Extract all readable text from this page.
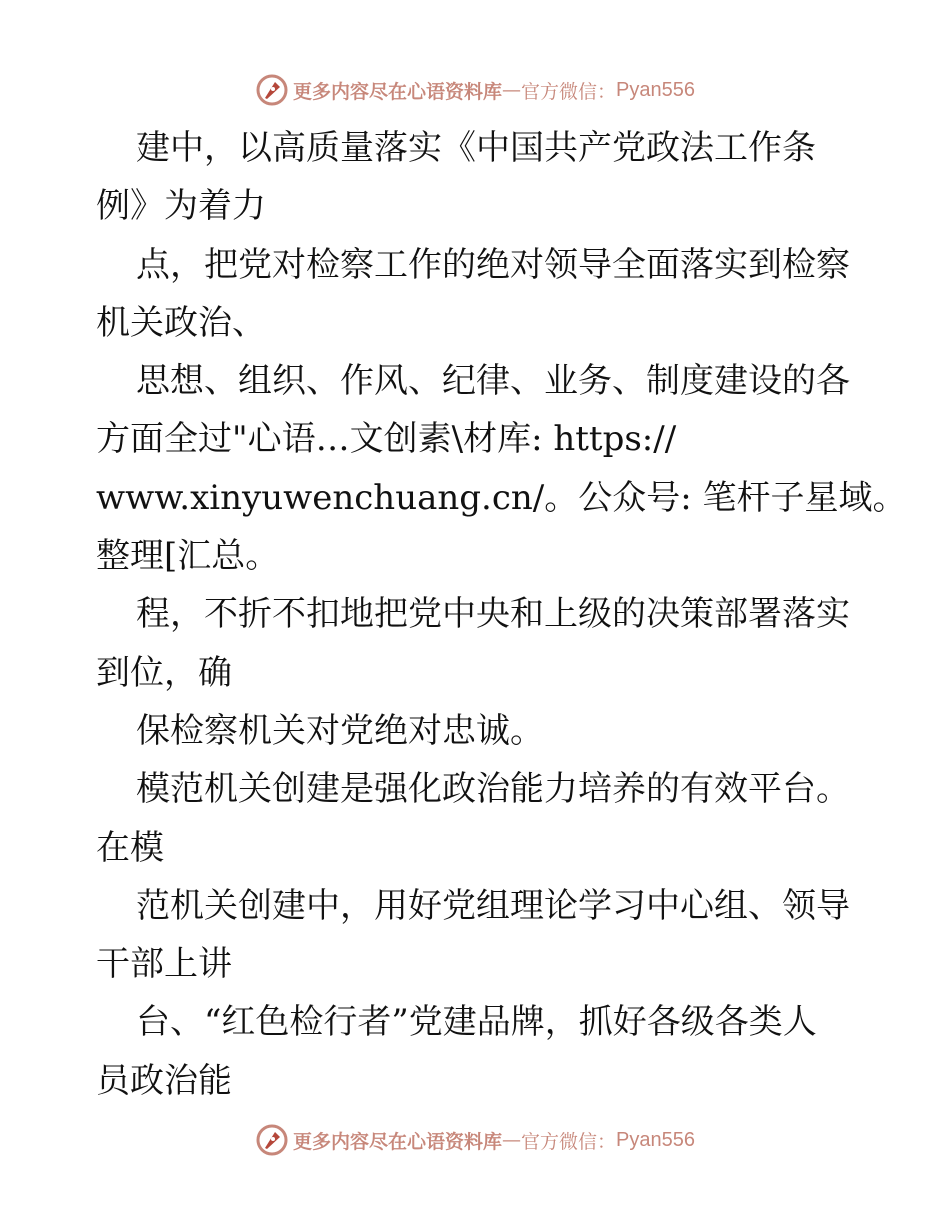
更多内容尽在心语资料库 — 官方微信： Pyan556
建中，以高质量落实《中国共产党政法工作条
例》为着力
点，把党对检察工作的绝对领导全面落实到检察
机关政治、
思想、组织、作风、纪律、业务、制度建设的各
方面全过"心语…文创素\材库: https://
www.xinyuwenchuang.cn/。公众号: 笔杆子星域。
整理[汇总。
程，不折不扣地把党中央和上级的决策部署落实
到位，确
保检察机关对党绝对忠诚。
模范机关创建是强化政治能力培养的有效平台。
在模
范机关创建中，用好党组理论学习中心组、领导
干部上讲
台、“红色检行者”党建品牌，抓好各级各类人
员政治能
更多内容尽在心语资料库 — 官方微信： Pyan556
